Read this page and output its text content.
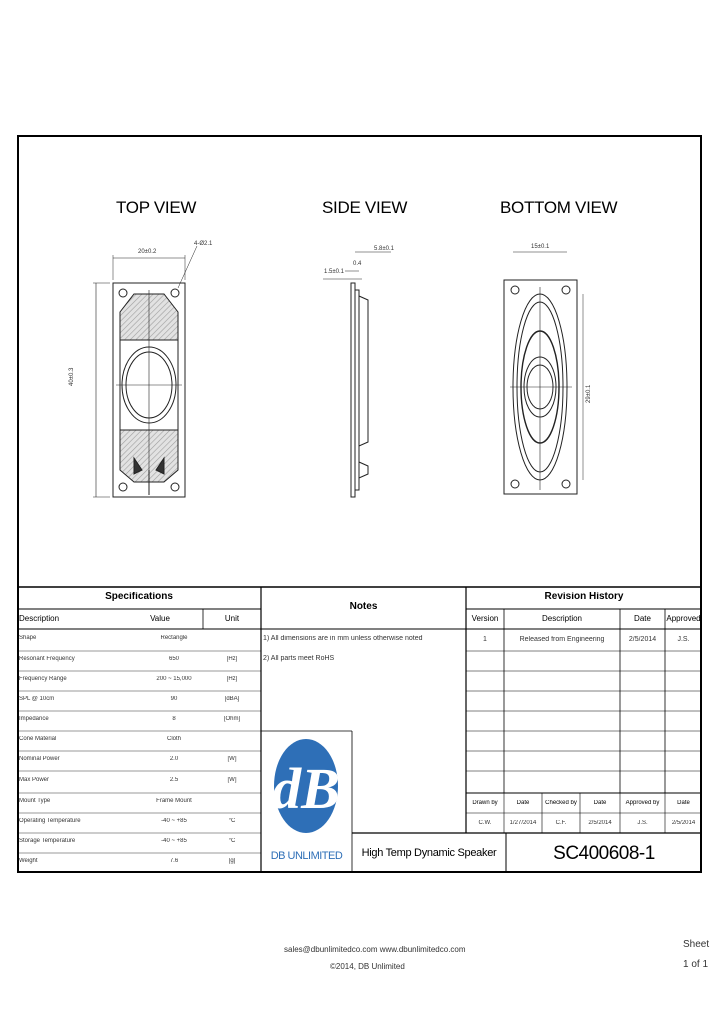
TOP VIEW	SIDE VIEW	BOTTOM VIEW
dB
20±0.2
4-Ø2.1
40±0.3
5.8±0.1
0.4
1.5±0.1
15±0.1
29±0.1
Specifications
Description	Value	Unit
Shape	Rectangle
Resonant Frequency	650	[Hz]
Frequency Range	200 ~ 15,000	[Hz]
SPL @ 10cm	90	[dBA]
Impedance	8	[Ohm]
Cone Material	Cloth
Nominal Power	2.0	[W]
Max Power	2.5	[W]
Mount Type	Frame Mount
Operating Temperature	-40 ~ +85	°C
Storage Temperature	-40 ~ +85	°C
Weight	7.6	[g]
Notes
1) All dimensions are in mm unless otherwise noted
2) All parts meet RoHS
Revision History
Version	Description	Date	Approved
1	Released from Engineering	2/5/2014	J.S.
Drawn by	Date	Checked by	Date	Approved by	Date
C.W.	1/27/2014	C.F.	2/5/2014	J.S.	2/5/2014
DB UNLIMITED	High Temp Dynamic Speaker	SC400608-1
sales@dbunlimitedco.com www.dbunlimitedco.com
©2014, DB Unlimited
Sheet
1 of 1
